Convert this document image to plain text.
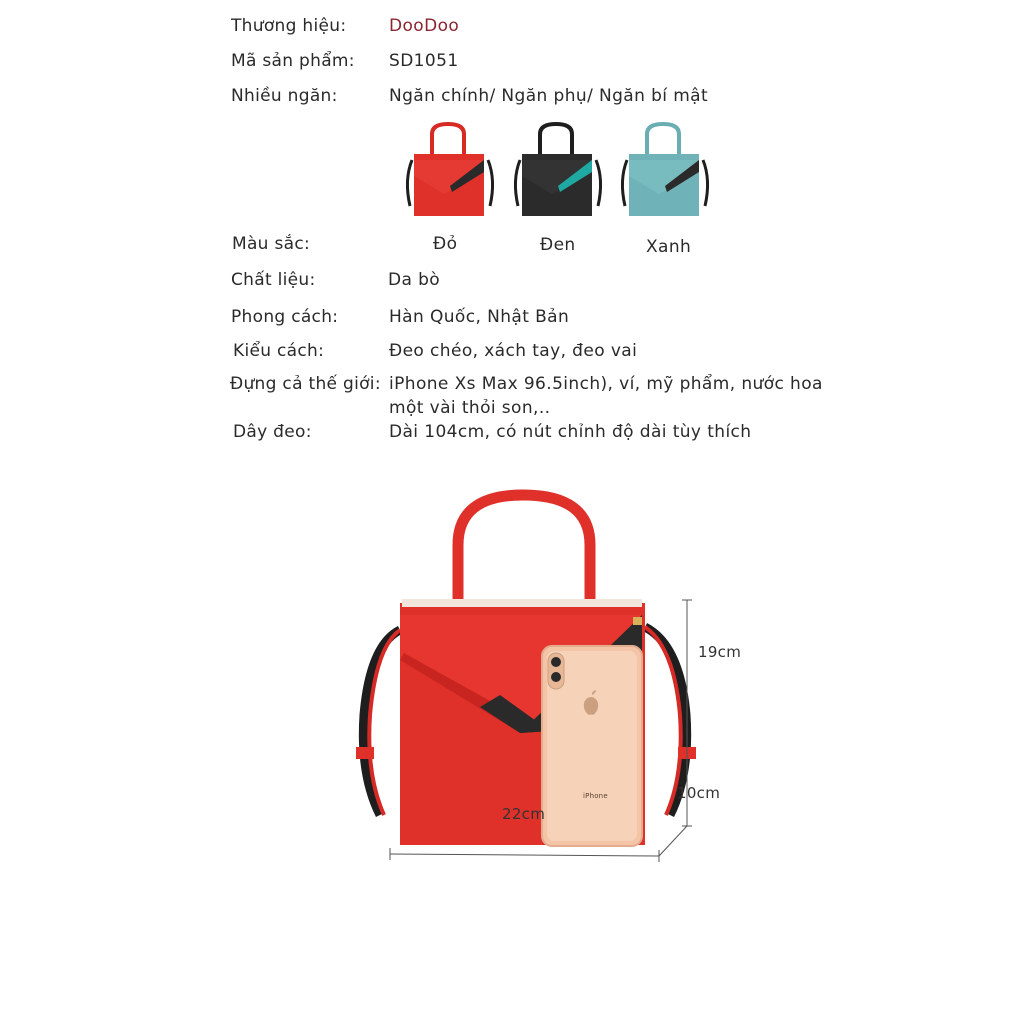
Thương hiệu:	DooDoo
Mã sản phẩm: SD1051
Nhiều ngăn:	Ngăn chính/ Ngăn phụ/ Ngăn bí mật
Màu sắc:	Đỏ	Đen	Xanh
Chất liệu:	Da bò
Phong cách:	Hàn Quốc, Nhật Bản
Kiểu cách:	Đeo chéo, xách tay, đeo vai
Đựng cả thế giới: iPhone Xs Max 96.5inch), ví, mỹ phẩm, nước hoa
một vài thỏi son,..
Dây đeo:	Dài 104cm, có nút chỉnh độ dài tùy thích
iPhone
19cm
10cm
22cm
